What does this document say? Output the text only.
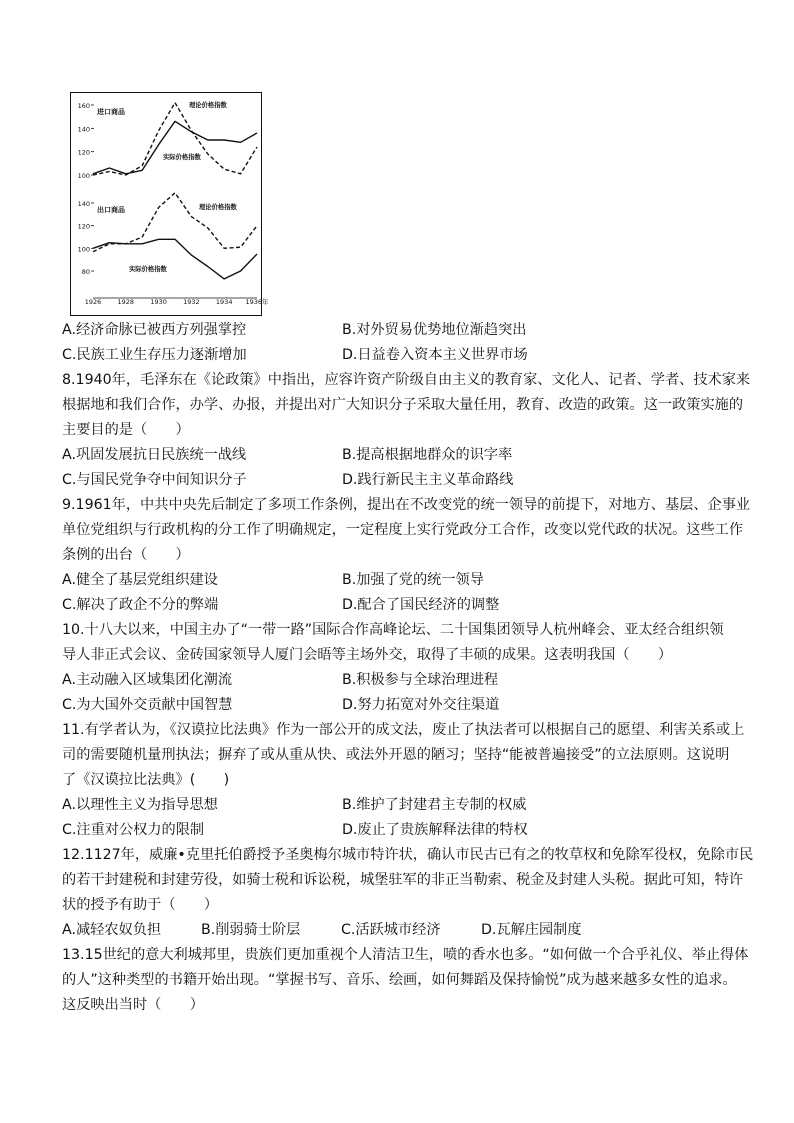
100
120
140
160
进口商品
理论价格指数
实际价格指数
80
100
120
140
出口商品	理论价格指数
实际价格指数
1926	1928	1930	1932	1934 1936年
A.经济命脉已被西方列强掌控	B.对外贸易优势地位渐趋突出
C.民族工业生存压力逐渐增加	D.日益卷入资本主义世界市场
8.1940年，毛泽东在《论政策》中指出，应容许资产阶级自由主义的教育家、文化人、记者、学者、技术家来
根据地和我们合作，办学、办报，并提出对广大知识分子采取大量任用，教育、改造的政策。这一政策实施的
主要目的是（　　）
A.巩固发展抗日民族统一战线	B.提高根据地群众的识字率
C.与国民党争夺中间知识分子	D.践行新民主主义革命路线
9.1961年，中共中央先后制定了多项工作条例，提出在不改变党的统一领导的前提下，对地方、基层、企事业
单位党组织与行政机构的分工作了明确规定，一定程度上实行党政分工合作，改变以党代政的状况。这些工作
条例的出台（　　）
A.健全了基层党组织建设	B.加强了党的统一领导
C.解决了政企不分的弊端	D.配合了国民经济的调整
10.十八大以来，中国主办了“一带一路”国际合作高峰论坛、二十国集团领导人杭州峰会、亚太经合组织领
导人非正式会议、金砖国家领导人厦门会晤等主场外交，取得了丰硕的成果。这表明我国（　　）
A.主动融入区域集团化潮流	B.积极参与全球治理进程
C.为大国外交贡献中国智慧	D.努力拓宽对外交往渠道
11.有学者认为，《汉谟拉比法典》作为一部公开的成文法，废止了执法者可以根据自己的愿望、利害关系或上
司的需要随机量刑执法；摒弃了或从重从快、或法外开恩的陋习；坚持“能被普遍接受”的立法原则。这说明
了《汉谟拉比法典》(　　)
A.以理性主义为指导思想	B.维护了封建君主专制的权威
C.注重对公权力的限制	D.废止了贵族解释法律的特权
12.1127年，威廉•克里托伯爵授予圣奥梅尔城市特许状，确认市民古已有之的牧草权和免除军役权，免除市民
的若干封建税和封建劳役，如骑士税和诉讼税，城堡驻军的非正当勒索、税金及封建人头税。据此可知，特许
状的授予有助于（　　）
A.减轻农奴负担	B.削弱骑士阶层	C.活跃城市经济	D.瓦解庄园制度
13.15世纪的意大利城邦里，贵族们更加重视个人清洁卫生，喷的香水也多。“如何做一个合乎礼仪、举止得体
的人”这种类型的书籍开始出现。“掌握书写、音乐、绘画，如何舞蹈及保持愉悦”成为越来越多女性的追求。
这反映出当时（　　）
